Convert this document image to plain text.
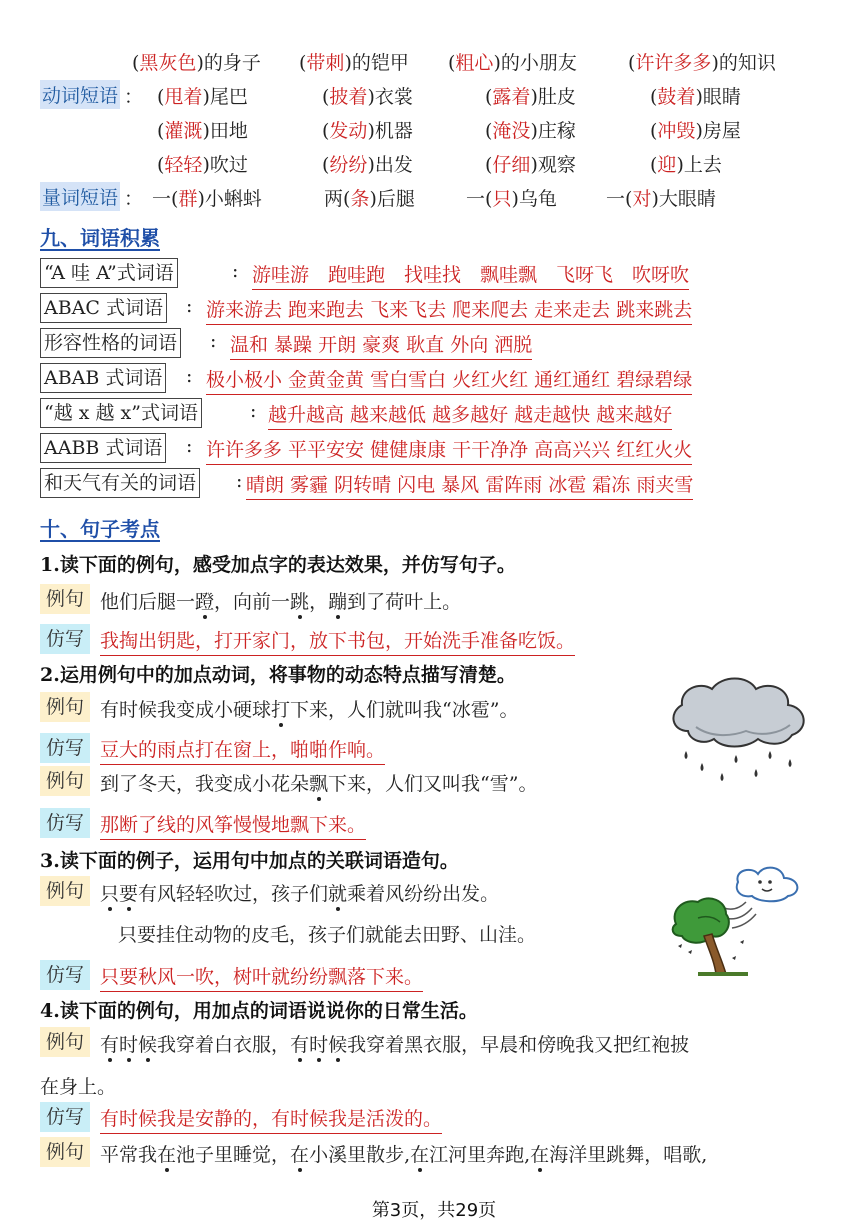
(黑灰色)的身子 (带刺)的铠甲 (粗心)的小朋友	(许许多多)的知识
动词短语 ： (甩着)尾巴	(披着)衣裳	(露着)肚皮	(鼓着)眼睛
(灌溉)田地	(发动)机器	(淹没)庄稼	(冲毁)房屋
(轻轻)吹过	(纷纷)出发	(仔细)观察	(迎)上去
量词短语 ： 一(群)小蝌蚪	两(条)后腿	一(只)乌龟	一(对)大眼睛
九、词语积累
“A 哇 A”式词语	: 游哇游　跑哇跑　找哇找　飘哇飘　飞呀飞　吹呀吹
ABAC 式词语 : 游来游去 跑来跑去 飞来飞去 爬来爬去 走来走去 跳来跳去
形容性格的词语 : 温和 暴躁 开朗 豪爽 耿直 外向 洒脱
ABAB 式词语 : 极小极小 金黄金黄 雪白雪白 火红火红 通红通红 碧绿碧绿
“越 x 越 x”式词语	: 越升越高 越来越低 越多越好 越走越快 越来越好
AABB 式词语 : 许许多多 平平安安 健健康康 干干净净 高高兴兴 红红火火
和天气有关的词语 : 晴朗 雾霾 阴转晴 闪电 暴风 雷阵雨 冰雹 霜冻 雨夹雪
十、句子考点
1.读下面的例句，感受加点字的表达效果，并仿写句子。
例句 他们后腿一蹬，向前一跳，蹦到了荷叶上。
仿写 我掏出钥匙，打开家门，放下书包，开始洗手准备吃饭。
2.运用例句中的加点动词，将事物的动态特点描写清楚。
例句 有时候我变成小硬球打下来，人们就叫我“冰雹”。
仿写 豆大的雨点打在窗上，啪啪作响。
例句 到了冬天，我变成小花朵飘下来，人们又叫我“雪”。
仿写 那断了线的风筝慢慢地飘下来。
3.读下面的例子，运用句中加点的关联词语造句。
例句 只要有风轻轻吹过，孩子们就乘着风纷纷出发。
只要挂住动物的皮毛，孩子们就能去田野、山洼。
仿写 只要秋风一吹，树叶就纷纷飘落下来。
4.读下面的例句，用加点的词语说说你的日常生活。
例句 有时候我穿着白衣服，有时候我穿着黑衣服，早晨和傍晚我又把红袍披
在身上。
仿写 有时候我是安静的，有时候我是活泼的。
例句 平常我在池子里睡觉，在小溪里散步,在江河里奔跑,在海洋里跳舞，唱歌,
第3页，共29页
